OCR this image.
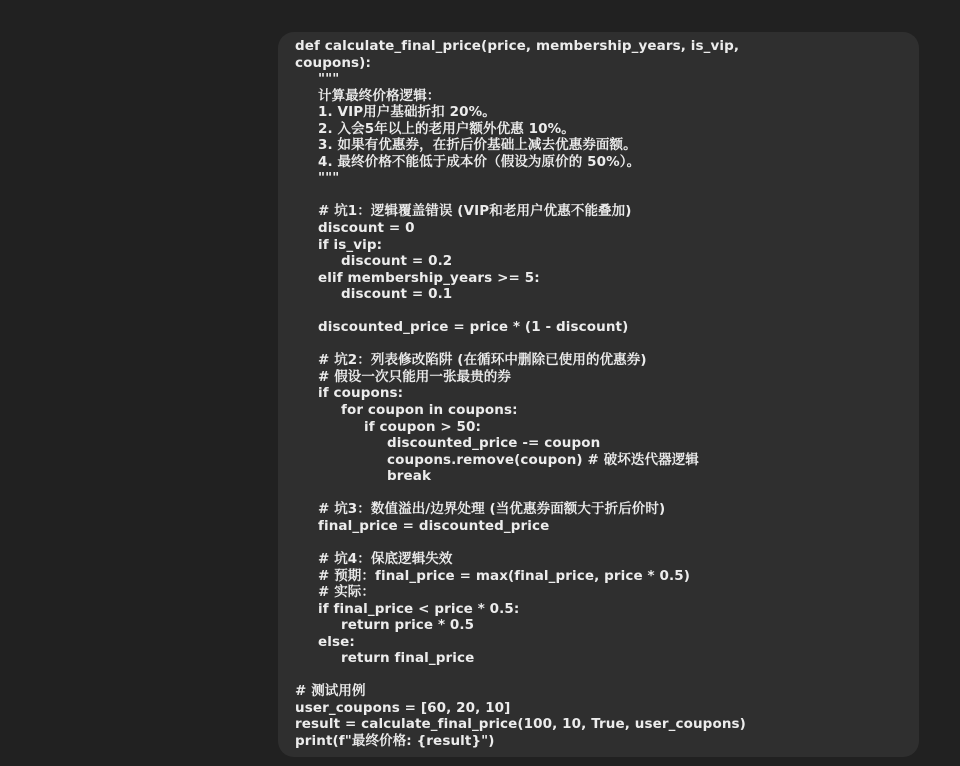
def calculate_final_price(price, membership_years, is_vip,
coupons):
"""
计算最终价格逻辑：
1. VIP用户基础折扣 20%。
2. 入会5年以上的老用户额外优惠 10%。
3. 如果有优惠券，在折后价基础上减去优惠券面额。
4. 最终价格不能低于成本价（假设为原价的 50%）。
"""
# 坑1：逻辑覆盖错误 (VIP和老用户优惠不能叠加)
discount = 0
if is_vip:
discount = 0.2
elif membership_years >= 5:
discount = 0.1
discounted_price = price * (1 - discount)
# 坑2：列表修改陷阱 (在循环中删除已使用的优惠券)
# 假设一次只能用一张最贵的券
if coupons:
for coupon in coupons:
if coupon > 50:
discounted_price -= coupon
coupons.remove(coupon) # 破坏迭代器逻辑
break
# 坑3：数值溢出/边界处理 (当优惠券面额大于折后价时)
final_price = discounted_price
# 坑4：保底逻辑失效
# 预期：final_price = max(final_price, price * 0.5)
# 实际：
if final_price < price * 0.5:
return price * 0.5
else:
return final_price
# 测试用例
user_coupons = [60, 20, 10]
result = calculate_final_price(100, 10, True, user_coupons)
print(f"最终价格: {result}")
